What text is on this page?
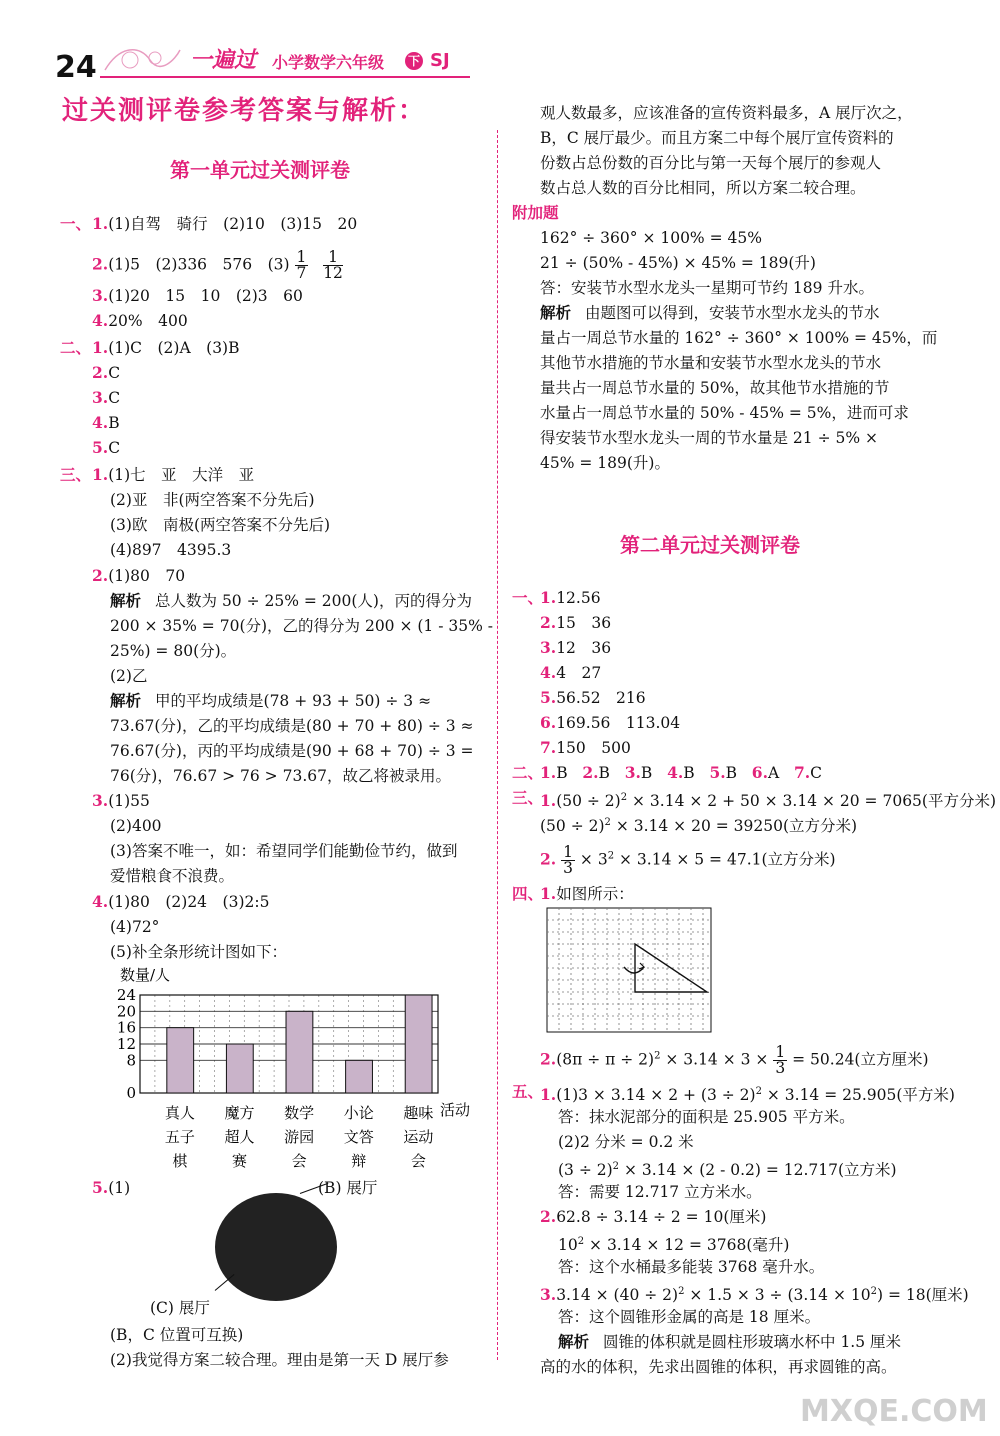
24	一遍过 小学数学六年级 下 SJ
过关测评卷参考答案与解析：
第一单元过关测评卷
一、 1.(1)自驾　骑行　(2)10　(3)15　20
2.(1)5　(2)336　576　$(3) \frac{1}{7}$
$\frac{1}{12}$
3.(1)20　15　10　(2)3　60
4.20%　400
二、 1.(1)C　(2)A　(3)B
2.C
3.C
4.B
5.C
三、 1.(1)七　亚　大洋　亚
(2)亚　非(两空答案不分先后)
(3)欧　南极(两空答案不分先后)
(4)897　4395.3
2.(1)80　70
解析 总人数为 50 ÷ 25% = 200(人)，丙的得分为
200 × 35% = 70(分)，乙的得分为 200 × (1 - 35% -
25%) = 80(分)。
(2)乙
解析 甲的平均成绩是(78 + 93 + 50) ÷ 3 ≈
73.67(分)，乙的平均成绩是(80 + 70 + 80) ÷ 3 ≈
76.67(分)，丙的平均成绩是(90 + 68 + 70) ÷ 3 =
76(分)，76.67 > 76 > 73.67，故乙将被录用。
3.(1)55
(2)400
(3)答案不唯一，如：希望同学们能勤俭节约，做到
爱惜粮食不浪费。
4.(1)80　(2)24　(3)2:5
(4)72°
(5)补全条形统计图如下：
数量/人
0
8
12
16
20
24
真人
五子
棋
魔方
超人
赛
数学
游园
会
小论
文答
辩
趣味
运动
会
活动
5.(1)	(B) 展厅
(C) 展厅
(B，C 位置可互换)
(2)我觉得方案二较合理。理由是第一天 D 展厅参
观人数最多，应该准备的宣传资料最多，A 展厅次之，
B，C 展厅最少。而且方案二中每个展厅宣传资料的
份数占总份数的百分比与第一天每个展厅的参观人
数占总人数的百分比相同，所以方案二较合理。
附加题
162° ÷ 360° × 100% = 45%
21 ÷ (50% - 45%) × 45% = 189(升)
答：安装节水型水龙头一星期可节约 189 升水。
解析 由题图可以得到，安装节水型水龙头的节水
量占一周总节水量的 162° ÷ 360° × 100% = 45%，而
其他节水措施的节水量和安装节水型水龙头的节水
量共占一周总节水量的 50%，故其他节水措施的节
水量占一周总节水量的 50% - 45% = 5%，进而可求
得安装节水型水龙头一周的节水量是 21 ÷ 5% ×
45% = 189(升)。
第二单元过关测评卷
一、
1.12.56
2.15　36
3.12　36
4.4　27
5.56.52　216
6.169.56　113.04
7.150　500
二、
1.B 2.B 3.B 4.B 5.B 6.A 7.C
三、
$1.(50 \div 2)^2 \times 3.14 \times 2 + 50 \times 3.14 \times 20 = 7065$(平方分米)
$(50 \div 2)^2 \times 3.14 \times 20 = 39250$(立方分米)
2. $\frac{1}{3} \times 3^2 \times 3.14 \times 5 = 47.1$(立方分米)
四、
1.如图所示：
$2.(8\pi \div \pi \div 2)^2 \times 3.14 \times 3 \times \frac{1}{3} = 50.24$(立方厘米)
五、
$1.(1)3 \times 3.14 \times 2 + (3 \div 2)^2 \times 3.14 = 25.905$(平方米)
答：抹水泥部分的面积是 25.905 平方米。
(2)2 分米 = 0.2 米
$(3 \div 2)^2 \times 3.14 \times (2 - 0.2) = 12.717$(立方米)
答：需要 12.717 立方米水。
2.62.8 ÷ 3.14 ÷ 2 = 10(厘米)
$10^2 \times 3.14 \times 12 = 3768$(毫升)
答：这个水桶最多能装 3768 毫升水。
$3.3.14 \times (40 \div 2)^2 \times 1.5 \times 3 \div (3.14 \times 10^2) = 18$(厘米)
答：这个圆锥形金属的高是 18 厘米。
解析 圆锥的体积就是圆柱形玻璃水杯中 1.5 厘米
高的水的体积，先求出圆锥的体积，再求圆锥的高。
MXQE.COM
